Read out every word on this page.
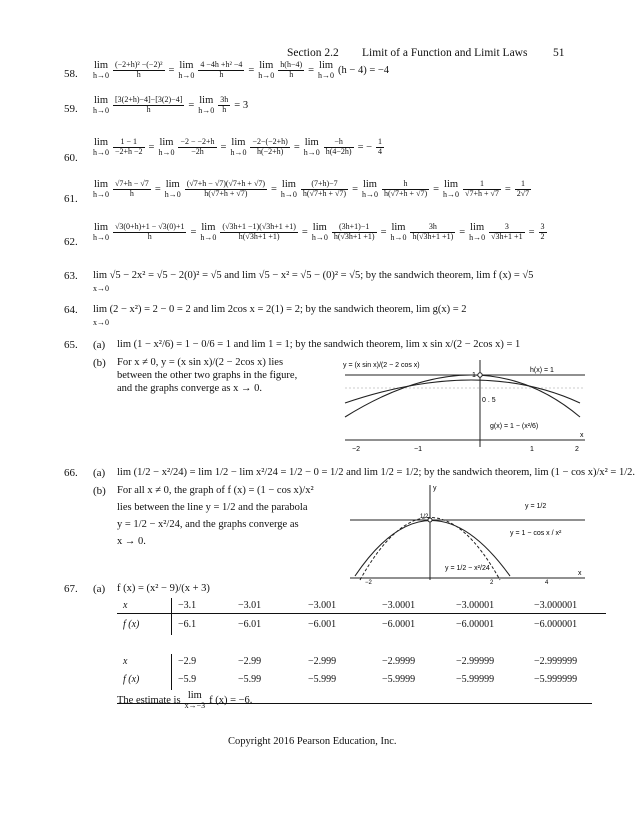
Section 2.2 Limit of a Function and Limit Laws 51
58.
lim
$h\to 0 \frac{\text{(−2+h)² −(−2)²}}{h} = \lim$
$h\to 0 \frac{\text{4 −4h +h² −4}}{h} = \lim$
$h\to 0 \frac{h(h-4)}{h} = \lim$
h→0 (h − 4) = −4
59.
lim
$h\to 0 \frac{[3(2+h)-4]-[3(2)-4]}{h} = \lim$
$h\to 0 \frac{3h}{h} = 3$
60.
lim
$h\to 0 \frac{1 - 1}{-2+h -2} = \lim$
$h\to 0 \frac{-2 - -2+h}{-2h} = \lim$
$h\to 0 \frac{-2-(-2+h)}{h(-2+h)} = \lim$
$h\to 0 \frac{-h}{h(4-2h)}$ = − $\frac{1}{4}$
61.
lim
$h\to 0 \frac{√7+h - √7}{h} = \lim$
$h\to 0 \frac{(√7+h - √7)(√7+h + √7)}{h(√7+h + √7)} = \lim$
$h\to 0 \frac{(7+h)-7}{h(√7+h + √7)} = \lim$
$h\to 0 \frac{h}{h(√7+h + √7)} = \lim$
$h\to 0 \frac{1}{√7+h + √7} = \frac{1}{2√7}$
62.
lim
$h\to 0 \frac{√3(0+h)+1 - √3(0)+1}{h} = \lim$
$h\to 0 \frac{(√3h+1 -1)(√3h+1 +1)}{h(√3h+1 +1)} = \lim$
$h\to 0 \frac{(3h+1)-1}{h(√3h+1 +1)} = \lim$
$h\to 0 \frac{3h}{h(√3h+1 +1)} = \lim$
$h\to 0 \frac{3}{√3h+1 +1} = \frac{3}{2}$
63. lim √5 − 2x² = √5 − 2(0)² = √5 and lim √5 − x² = √5 − (0)² = √5; by the sandwich theorem, lim f (x) = √5
x→0
64. lim (2 − x²) = 2 − 0 = 2 and lim 2cos x = 2(1) = 2; by the sandwich theorem, lim g(x) = 2
x→0
65. (a) lim (1 − x²/6) = 1 − 0/6 = 1 and lim 1 = 1; by the sandwich theorem, lim x sin x/(2 − 2cos x) = 1
(b) For x ≠ 0, y = (x sin x)/(2 − 2cos x) lies
between the other two graphs in the figure,
and the graphs converge as x → 0.
y = (x sin x)/(2 − 2 cos x)
h(x) = 1
g(x) = 1 − (x²/6)
1
0 . 5
−2	−1	1	2
x
66. (a) lim (1/2 − x²/24) = lim 1/2 − lim x²/24 = 1/2 − 0 = 1/2 and lim 1/2 = 1/2; by the sandwich theorem, lim (1 − cos x)/x² = 1/2.
(b) For all x ≠ 0, the graph of f (x) = (1 − cos x)/x²
lies between the line y = 1/2 and the parabola
y = 1/2 − x²/24, and the graphs converge as
x → 0.
y
x
1/2
y = 1/2
y = 1 − cos x / x²
y = 1/2 − x²/24
−2	2	4
67. (a) f (x) = (x² − 9)/(x + 3)
x	−3.1	−3.01	−3.001	−3.0001	−3.00001	−3.000001
f (x)	−6.1	−6.01	−6.001	−6.0001	−6.00001	−6.000001
x	−2.9	−2.99	−2.999	−2.9999	−2.99999	−2.999999
f (x)	−5.9	−5.99	−5.999	−5.9999	−5.99999	−5.999999
The estimate is lim
x→−3 f (x) = −6.
Copyright 2016 Pearson Education, Inc.
